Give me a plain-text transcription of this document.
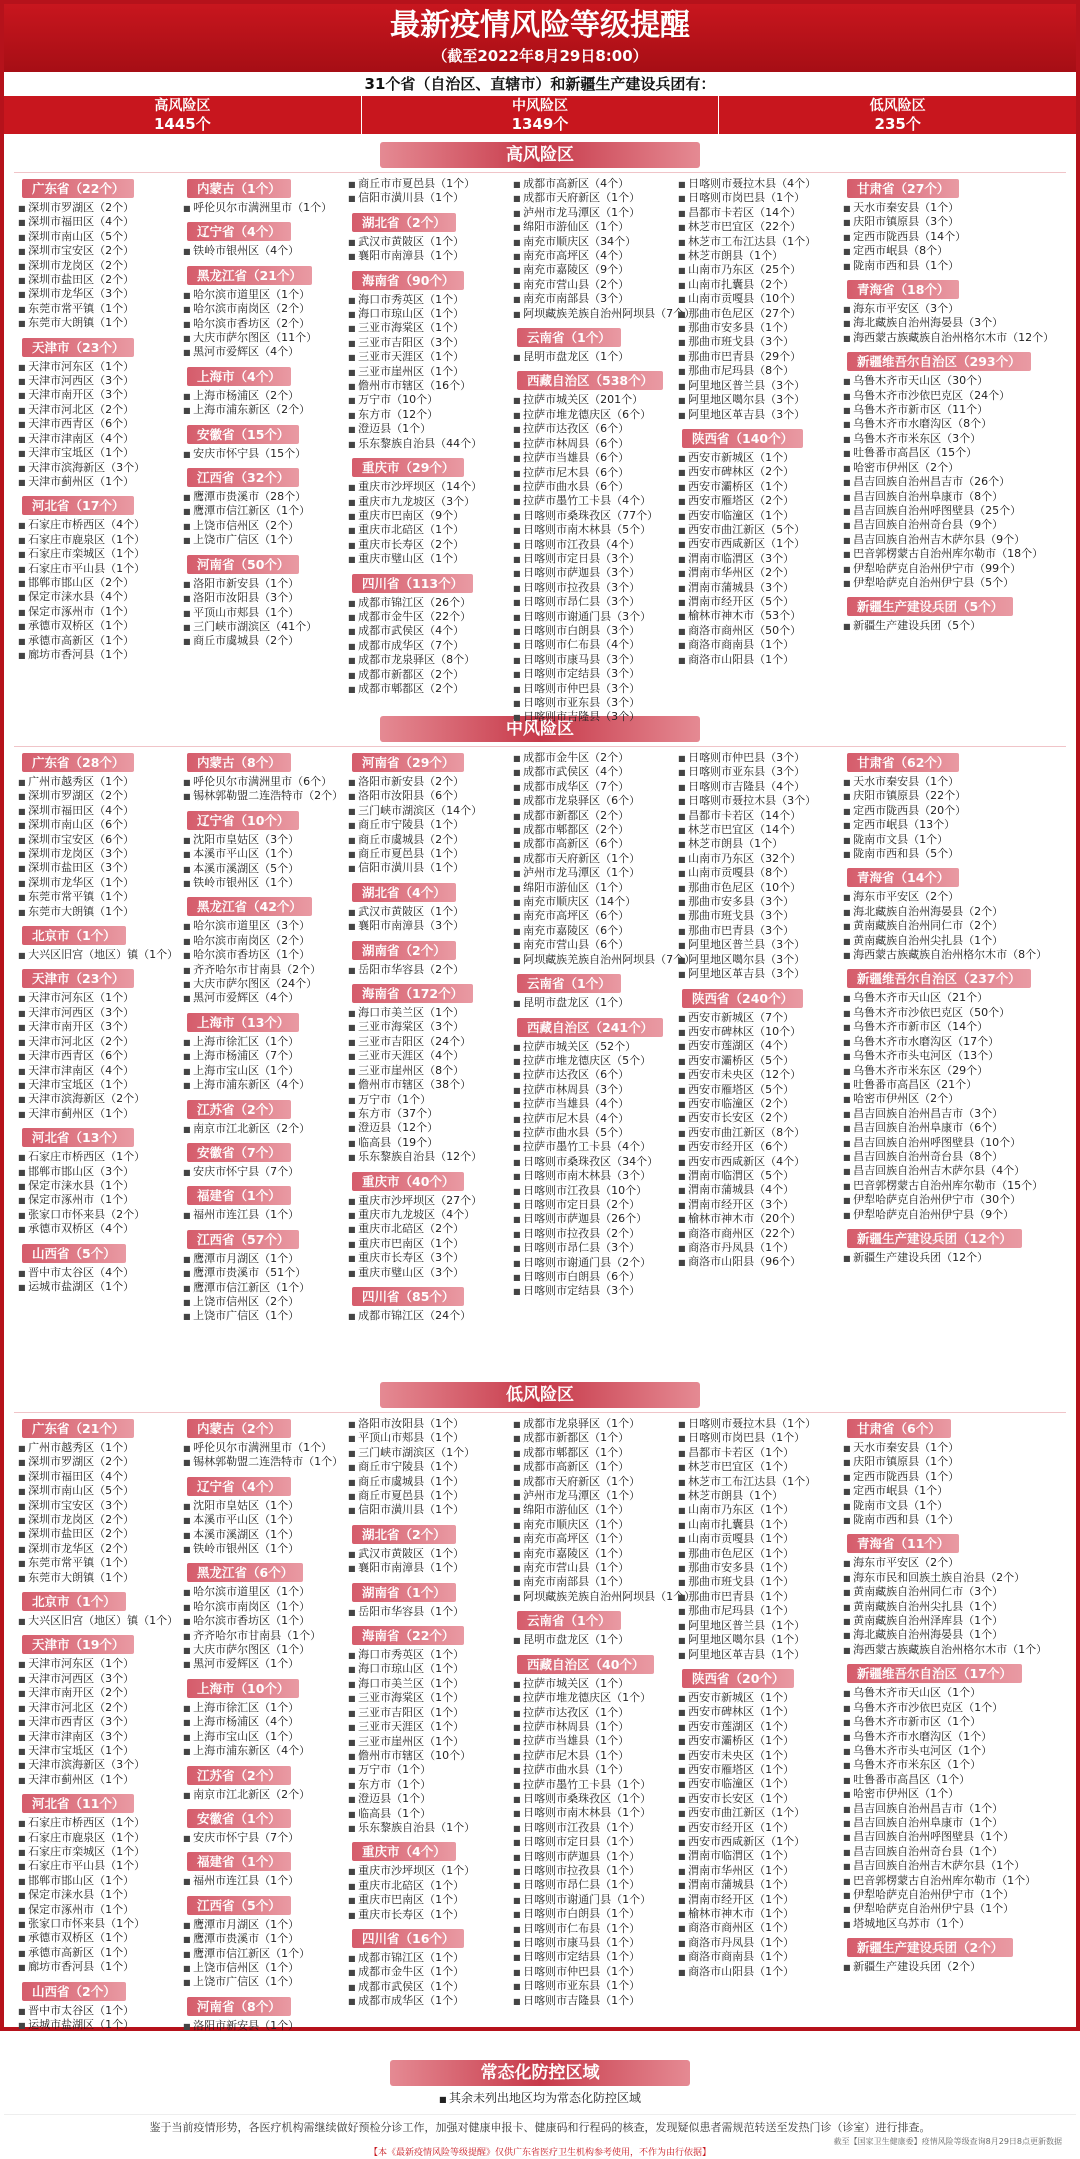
最新疫情风险等级提醒
（截至2022年8月29日8:00）
31个省（自治区、直辖市）和新疆生产建设兵团有：
高风险区
1445个
中风险区
1349个
低风险区
235个
高风险区
广东省（22个）
■ 深圳市罗湖区（2个）
■ 深圳市福田区（4个）
■ 深圳市南山区（5个）
■ 深圳市宝安区（2个）
■ 深圳市龙岗区（2个）
■ 深圳市盐田区（2个）
■ 深圳市龙华区（3个）
■ 东莞市常平镇（1个）
■ 东莞市大朗镇（1个）
天津市（23个）
■ 天津市河东区（1个）
■ 天津市河西区（3个）
■ 天津市南开区（3个）
■ 天津市河北区（2个）
■ 天津市西青区（6个）
■ 天津市津南区（4个）
■ 天津市宝坻区（1个）
■ 天津市滨海新区（3个）
■ 天津市蓟州区（1个）
河北省（17个）
■ 石家庄市桥西区（4个）
■ 石家庄市鹿泉区（1个）
■ 石家庄市栾城区（1个）
■ 石家庄市平山县（1个）
■ 邯郸市邯山区（2个）
■ 保定市涞水县（4个）
■ 保定市涿州市（1个）
■ 承德市双桥区（1个）
■ 承德市高新区（1个）
■ 廊坊市香河县（1个）
内蒙古（1个）
■ 呼伦贝尔市满洲里市（1个）
辽宁省（4个）
■ 铁岭市银州区（4个）
黑龙江省（21个）
■ 哈尔滨市道里区（1个）
■ 哈尔滨市南岗区（2个）
■ 哈尔滨市香坊区（2个）
■ 大庆市萨尔图区（11个）
■ 黑河市爱辉区（4个）
上海市（4个）
■ 上海市杨浦区（2个）
■ 上海市浦东新区（2个）
安徽省（15个）
■ 安庆市怀宁县（15个）
江西省（32个）
■ 鹰潭市贵溪市（28个）
■ 鹰潭市信江新区（1个）
■ 上饶市信州区（2个）
■ 上饶市广信区（1个）
河南省（50个）
■ 洛阳市新安县（1个）
■ 洛阳市汝阳县（3个）
■ 平顶山市郏县（1个）
■ 三门峡市湖滨区（41个）
■ 商丘市虞城县（2个）
■ 商丘市市夏邑县（1个）
■ 信阳市潢川县（1个）
湖北省（2个）
■ 武汉市黄陂区（1个）
■ 襄阳市南漳县（1个）
海南省（90个）
■ 海口市秀英区（1个）
■ 海口市琼山区（1个）
■ 三亚市海棠区（1个）
■ 三亚市吉阳区（3个）
■ 三亚市天涯区（1个）
■ 三亚市崖州区（1个）
■ 儋州市市辖区（16个）
■ 万宁市（10个）
■ 东方市（12个）
■ 澄迈县（1个）
■ 乐东黎族自治县（44个）
重庆市（29个）
■ 重庆市沙坪坝区（14个）
■ 重庆市九龙坡区（3个）
■ 重庆市巴南区（9个）
■ 重庆市北碚区（1个）
■ 重庆市长寿区（2个）
■ 重庆市璧山区（1个）
四川省（113个）
■ 成都市锦江区（26个）
■ 成都市金牛区（22个）
■ 成都市武侯区（4个）
■ 成都市成华区（7个）
■ 成都市龙泉驿区（8个）
■ 成都市新都区（2个）
■ 成都市郫都区（2个）
■ 成都市高新区（4个）
■ 成都市天府新区（1个）
■ 泸州市龙马潭区（1个）
■ 绵阳市游仙区（1个）
■ 南充市顺庆区（34个）
■ 南充市高坪区（4个）
■ 南充市嘉陵区（9个）
■ 南充市营山县（2个）
■ 南充市南部县（3个）
■ 阿坝藏族羌族自治州阿坝县（7个）
云南省（1个）
■ 昆明市盘龙区（1个）
西藏自治区（538个）
■ 拉萨市城关区（201个）
■ 拉萨市堆龙德庆区（6个）
■ 拉萨市达孜区（6个）
■ 拉萨市林周县（6个）
■ 拉萨市当雄县（6个）
■ 拉萨市尼木县（6个）
■ 拉萨市曲水县（6个）
■ 拉萨市墨竹工卡县（4个）
■ 日喀则市桑珠孜区（77个）
■ 日喀则市南木林县（5个）
■ 日喀则市江孜县（4个）
■ 日喀则市定日县（3个）
■ 日喀则市萨迦县（3个）
■ 日喀则市拉孜县（3个）
■ 日喀则市昂仁县（3个）
■ 日喀则市谢通门县（3个）
■ 日喀则市白朗县（3个）
■ 日喀则市仁布县（4个）
■ 日喀则市康马县（3个）
■ 日喀则市定结县（3个）
■ 日喀则市仲巴县（3个）
■ 日喀则市亚东县（3个）
■ 日喀则市吉隆县（3个）
■ 日喀则市聂拉木县（4个）
■ 日喀则市岗巴县（1个）
■ 昌都市卡若区（14个）
■ 林芝市巴宜区（22个）
■ 林芝市工布江达县（1个）
■ 林芝市朗县（1个）
■ 山南市乃东区（25个）
■ 山南市扎囊县（2个）
■ 山南市贡嘎县（10个）
■ 那曲市色尼区（27个）
■ 那曲市安多县（1个）
■ 那曲市班戈县（3个）
■ 那曲市巴青县（29个）
■ 那曲市尼玛县（8个）
■ 阿里地区普兰县（3个）
■ 阿里地区噶尔县（3个）
■ 阿里地区革吉县（3个）
陕西省（140个）
■ 西安市新城区（1个）
■ 西安市碑林区（2个）
■ 西安市灞桥区（1个）
■ 西安市雁塔区（2个）
■ 西安市临潼区（1个）
■ 西安市曲江新区（5个）
■ 西安市西咸新区（1个）
■ 渭南市临渭区（3个）
■ 渭南市华州区（2个）
■ 渭南市蒲城县（3个）
■ 渭南市经开区（5个）
■ 榆林市神木市（53个）
■ 商洛市商州区（50个）
■ 商洛市商南县（1个）
■ 商洛市山阳县（1个）
甘肃省（27个）
■ 天水市秦安县（1个）
■ 庆阳市镇原县（3个）
■ 定西市陇西县（14个）
■ 定西市岷县（8个）
■ 陇南市西和县（1个）
青海省（18个）
■ 海东市平安区（3个）
■ 海北藏族自治州海晏县（3个）
■ 海西蒙古族藏族自治州格尔木市（12个）
新疆维吾尔自治区（293个）
■ 乌鲁木齐市天山区（30个）
■ 乌鲁木齐市沙依巴克区（24个）
■ 乌鲁木齐市新市区（11个）
■ 乌鲁木齐市水磨沟区（8个）
■ 乌鲁木齐市米东区（3个）
■ 吐鲁番市高昌区（15个）
■ 哈密市伊州区（2个）
■ 昌吉回族自治州昌吉市（26个）
■ 昌吉回族自治州阜康市（8个）
■ 昌吉回族自治州呼图壁县（25个）
■ 昌吉回族自治州奇台县（9个）
■ 昌吉回族自治州吉木萨尔县（9个）
■ 巴音郭楞蒙古自治州库尔勒市（18个）
■ 伊犁哈萨克自治州伊宁市（99个）
■ 伊犁哈萨克自治州伊宁县（5个）
新疆生产建设兵团（5个）
■ 新疆生产建设兵团（5个）
中风险区
广东省（28个）
■ 广州市越秀区（1个）
■ 深圳市罗湖区（2个）
■ 深圳市福田区（4个）
■ 深圳市南山区（6个）
■ 深圳市宝安区（6个）
■ 深圳市龙岗区（3个）
■ 深圳市盐田区（3个）
■ 深圳市龙华区（1个）
■ 东莞市常平镇（1个）
■ 东莞市大朗镇（1个）
北京市（1个）
■ 大兴区旧宫（地区）镇（1个）
天津市（23个）
■ 天津市河东区（1个）
■ 天津市河西区（3个）
■ 天津市南开区（3个）
■ 天津市河北区（2个）
■ 天津市西青区（6个）
■ 天津市津南区（4个）
■ 天津市宝坻区（1个）
■ 天津市滨海新区（2个）
■ 天津市蓟州区（1个）
河北省（13个）
■ 石家庄市桥西区（1个）
■ 邯郸市邯山区（3个）
■ 保定市涞水县（1个）
■ 保定市涿州市（1个）
■ 张家口市怀来县（2个）
■ 承德市双桥区（4个）
山西省（5个）
■ 晋中市太谷区（4个）
■ 运城市盐湖区（1个）
内蒙古（8个）
■ 呼伦贝尔市满洲里市（6个）
■ 锡林郭勒盟二连浩特市（2个）
辽宁省（10个）
■ 沈阳市皇姑区（3个）
■ 本溪市平山区（1个）
■ 本溪市溪湖区（5个）
■ 铁岭市银州区（1个）
黑龙江省（42个）
■ 哈尔滨市道里区（3个）
■ 哈尔滨市南岗区（2个）
■ 哈尔滨市香坊区（1个）
■ 齐齐哈尔市甘南县（2个）
■ 大庆市萨尔图区（24个）
■ 黑河市爱辉区（4个）
上海市（13个）
■ 上海市徐汇区（1个）
■ 上海市杨浦区（7个）
■ 上海市宝山区（1个）
■ 上海市浦东新区（4个）
江苏省（2个）
■ 南京市江北新区（2个）
安徽省（7个）
■ 安庆市怀宁县（7个）
福建省（1个）
■ 福州市连江县（1个）
江西省（57个）
■ 鹰潭市月湖区（1个）
■ 鹰潭市贵溪市（51个）
■ 鹰潭市信江新区（1个）
■ 上饶市信州区（2个）
■ 上饶市广信区（1个）
河南省（29个）
■ 洛阳市新安县（2个）
■ 洛阳市汝阳县（6个）
■ 三门峡市湖滨区（14个）
■ 商丘市宁陵县（1个）
■ 商丘市虞城县（2个）
■ 商丘市夏邑县（1个）
■ 信阳市潢川县（1个）
湖北省（4个）
■ 武汉市黄陂区（1个）
■ 襄阳市南漳县（3个）
湖南省（2个）
■ 岳阳市华容县（2个）
海南省（172个）
■ 海口市美兰区（1个）
■ 三亚市海棠区（3个）
■ 三亚市吉阳区（24个）
■ 三亚市天涯区（4个）
■ 三亚市崖州区（8个）
■ 儋州市市辖区（38个）
■ 万宁市（1个）
■ 东方市（37个）
■ 澄迈县（12个）
■ 临高县（19个）
■ 乐东黎族自治县（12个）
重庆市（40个）
■ 重庆市沙坪坝区（27个）
■ 重庆市九龙坡区（4个）
■ 重庆市北碚区（2个）
■ 重庆市巴南区（1个）
■ 重庆市长寿区（3个）
■ 重庆市璧山区（3个）
四川省（85个）
■ 成都市锦江区（24个）
■ 成都市金牛区（2个）
■ 成都市武侯区（4个）
■ 成都市成华区（7个）
■ 成都市龙泉驿区（6个）
■ 成都市新都区（2个）
■ 成都市郫都区（2个）
■ 成都市高新区（6个）
■ 成都市天府新区（1个）
■ 泸州市龙马潭区（1个）
■ 绵阳市游仙区（1个）
■ 南充市顺庆区（14个）
■ 南充市高坪区（6个）
■ 南充市嘉陵区（6个）
■ 南充市营山县（6个）
■ 阿坝藏族羌族自治州阿坝县（7个）
云南省（1个）
■ 昆明市盘龙区（1个）
西藏自治区（241个）
■ 拉萨市城关区（52个）
■ 拉萨市堆龙德庆区（5个）
■ 拉萨市达孜区（6个）
■ 拉萨市林周县（3个）
■ 拉萨市当雄县（4个）
■ 拉萨市尼木县（4个）
■ 拉萨市曲水县（5个）
■ 拉萨市墨竹工卡县（4个）
■ 日喀则市桑珠孜区（34个）
■ 日喀则市南木林县（3个）
■ 日喀则市江孜县（10个）
■ 日喀则市定日县（2个）
■ 日喀则市萨迦县（26个）
■ 日喀则市拉孜县（2个）
■ 日喀则市昂仁县（3个）
■ 日喀则市谢通门县（2个）
■ 日喀则市白朗县（6个）
■ 日喀则市定结县（3个）
■ 日喀则市仲巴县（3个）
■ 日喀则市亚东县（3个）
■ 日喀则市吉隆县（4个）
■ 日喀则市聂拉木县（3个）
■ 昌都市卡若区（14个）
■ 林芝市巴宜区（14个）
■ 林芝市朗县（1个）
■ 山南市乃东区（32个）
■ 山南市贡嘎县（8个）
■ 那曲市色尼区（10个）
■ 那曲市安多县（3个）
■ 那曲市班戈县（3个）
■ 那曲市巴青县（3个）
■ 阿里地区普兰县（3个）
■ 阿里地区噶尔县（3个）
■ 阿里地区革吉县（3个）
陕西省（240个）
■ 西安市新城区（7个）
■ 西安市碑林区（10个）
■ 西安市莲湖区（4个）
■ 西安市灞桥区（5个）
■ 西安市未央区（12个）
■ 西安市雁塔区（5个）
■ 西安市临潼区（2个）
■ 西安市长安区（2个）
■ 西安市曲江新区（8个）
■ 西安市经开区（6个）
■ 西安市西咸新区（4个）
■ 渭南市临渭区（5个）
■ 渭南市蒲城县（4个）
■ 渭南市经开区（3个）
■ 榆林市神木市（20个）
■ 商洛市商州区（22个）
■ 商洛市丹凤县（1个）
■ 商洛市山阳县（96个）
甘肃省（62个）
■ 天水市秦安县（1个）
■ 庆阳市镇原县（22个）
■ 定西市陇西县（20个）
■ 定西市岷县（13个）
■ 陇南市文县（1个）
■ 陇南市西和县（5个）
青海省（14个）
■ 海东市平安区（2个）
■ 海北藏族自治州海晏县（2个）
■ 黄南藏族自治州同仁市（2个）
■ 黄南藏族自治州尖扎县（1个）
■ 海西蒙古族藏族自治州格尔木市（8个）
新疆维吾尔自治区（237个）
■ 乌鲁木齐市天山区（21个）
■ 乌鲁木齐市沙依巴克区（50个）
■ 乌鲁木齐市新市区（14个）
■ 乌鲁木齐市水磨沟区（17个）
■ 乌鲁木齐市头屯河区（13个）
■ 乌鲁木齐市米东区（29个）
■ 吐鲁番市高昌区（21个）
■ 哈密市伊州区（2个）
■ 昌吉回族自治州昌吉市（3个）
■ 昌吉回族自治州阜康市（6个）
■ 昌吉回族自治州呼图壁县（10个）
■ 昌吉回族自治州奇台县（8个）
■ 昌吉回族自治州吉木萨尔县（4个）
■ 巴音郭楞蒙古自治州库尔勒市（15个）
■ 伊犁哈萨克自治州伊宁市（30个）
■ 伊犁哈萨克自治州伊宁县（9个）
新疆生产建设兵团（12个）
■ 新疆生产建设兵团（12个）
低风险区
广东省（21个）
■ 广州市越秀区（1个）
■ 深圳市罗湖区（2个）
■ 深圳市福田区（4个）
■ 深圳市南山区（5个）
■ 深圳市宝安区（3个）
■ 深圳市龙岗区（2个）
■ 深圳市盐田区（2个）
■ 深圳市龙华区（2个）
■ 东莞市常平镇（1个）
■ 东莞市大朗镇（1个）
北京市（1个）
■ 大兴区旧宫（地区）镇（1个）
天津市（19个）
■ 天津市河东区（1个）
■ 天津市河西区（3个）
■ 天津市南开区（2个）
■ 天津市河北区（2个）
■ 天津市西青区（3个）
■ 天津市津南区（3个）
■ 天津市宝坻区（1个）
■ 天津市滨海新区（3个）
■ 天津市蓟州区（1个）
河北省（11个）
■ 石家庄市桥西区（1个）
■ 石家庄市鹿泉区（1个）
■ 石家庄市栾城区（1个）
■ 石家庄市平山县（1个）
■ 邯郸市邯山区（1个）
■ 保定市涞水县（1个）
■ 保定市涿州市（1个）
■ 张家口市怀来县（1个）
■ 承德市双桥区（1个）
■ 承德市高新区（1个）
■ 廊坊市香河县（1个）
山西省（2个）
■ 晋中市太谷区（1个）
■ 运城市盐湖区（1个）
内蒙古（2个）
■ 呼伦贝尔市满洲里市（1个）
■ 锡林郭勒盟二连浩特市（1个）
辽宁省（4个）
■ 沈阳市皇姑区（1个）
■ 本溪市平山区（1个）
■ 本溪市溪湖区（1个）
■ 铁岭市银州区（1个）
黑龙江省（6个）
■ 哈尔滨市道里区（1个）
■ 哈尔滨市南岗区（1个）
■ 哈尔滨市香坊区（1个）
■ 齐齐哈尔市甘南县（1个）
■ 大庆市萨尔图区（1个）
■ 黑河市爱辉区（1个）
上海市（10个）
■ 上海市徐汇区（1个）
■ 上海市杨浦区（4个）
■ 上海市宝山区（1个）
■ 上海市浦东新区（4个）
江苏省（2个）
■ 南京市江北新区（2个）
安徽省（1个）
■ 安庆市怀宁县（7个）
福建省（1个）
■ 福州市连江县（1个）
江西省（5个）
■ 鹰潭市月湖区（1个）
■ 鹰潭市贵溪市（1个）
■ 鹰潭市信江新区（1个）
■ 上饶市信州区（1个）
■ 上饶市广信区（1个）
河南省（8个）
■ 洛阳市新安县（1个）
■ 洛阳市汝阳县（1个）
■ 平顶山市郏县（1个）
■ 三门峡市湖滨区（1个）
■ 商丘市宁陵县（1个）
■ 商丘市虞城县（1个）
■ 商丘市夏邑县（1个）
■ 信阳市潢川县（1个）
湖北省（2个）
■ 武汉市黄陂区（1个）
■ 襄阳市南漳县（1个）
湖南省（1个）
■ 岳阳市华容县（1个）
海南省（22个）
■ 海口市秀英区（1个）
■ 海口市琼山区（1个）
■ 海口市美兰区（1个）
■ 三亚市海棠区（1个）
■ 三亚市吉阳区（1个）
■ 三亚市天涯区（1个）
■ 三亚市崖州区（1个）
■ 儋州市市辖区（10个）
■ 万宁市（1个）
■ 东方市（1个）
■ 澄迈县（1个）
■ 临高县（1个）
■ 乐东黎族自治县（1个）
重庆市（4个）
■ 重庆市沙坪坝区（1个）
■ 重庆市北碚区（1个）
■ 重庆市巴南区（1个）
■ 重庆市长寿区（1个）
四川省（16个）
■ 成都市锦江区（1个）
■ 成都市金牛区（1个）
■ 成都市武侯区（1个）
■ 成都市成华区（1个）
■ 成都市龙泉驿区（1个）
■ 成都市新都区（1个）
■ 成都市郫都区（1个）
■ 成都市高新区（1个）
■ 成都市天府新区（1个）
■ 泸州市龙马潭区（1个）
■ 绵阳市游仙区（1个）
■ 南充市顺庆区（1个）
■ 南充市高坪区（1个）
■ 南充市嘉陵区（1个）
■ 南充市营山县（1个）
■ 南充市南部县（1个）
■ 阿坝藏族羌族自治州阿坝县（1个）
云南省（1个）
■ 昆明市盘龙区（1个）
西藏自治区（40个）
■ 拉萨市城关区（1个）
■ 拉萨市堆龙德庆区（1个）
■ 拉萨市达孜区（1个）
■ 拉萨市林周县（1个）
■ 拉萨市当雄县（1个）
■ 拉萨市尼木县（1个）
■ 拉萨市曲水县（1个）
■ 拉萨市墨竹工卡县（1个）
■ 日喀则市桑珠孜区（1个）
■ 日喀则市南木林县（1个）
■ 日喀则市江孜县（1个）
■ 日喀则市定日县（1个）
■ 日喀则市萨迦县（1个）
■ 日喀则市拉孜县（1个）
■ 日喀则市昂仁县（1个）
■ 日喀则市谢通门县（1个）
■ 日喀则市白朗县（1个）
■ 日喀则市仁布县（1个）
■ 日喀则市康马县（1个）
■ 日喀则市定结县（1个）
■ 日喀则市仲巴县（1个）
■ 日喀则市亚东县（1个）
■ 日喀则市吉隆县（1个）
■ 日喀则市聂拉木县（1个）
■ 日喀则市岗巴县（1个）
■ 昌都市卡若区（1个）
■ 林芝市巴宜区（1个）
■ 林芝市工布江达县（1个）
■ 林芝市朗县（1个）
■ 山南市乃东区（1个）
■ 山南市扎囊县（1个）
■ 山南市贡嘎县（1个）
■ 那曲市色尼区（1个）
■ 那曲市安多县（1个）
■ 那曲市班戈县（1个）
■ 那曲市巴青县（1个）
■ 那曲市尼玛县（1个）
■ 阿里地区普兰县（1个）
■ 阿里地区噶尔县（1个）
■ 阿里地区革吉县（1个）
陕西省（20个）
■ 西安市新城区（1个）
■ 西安市碑林区（1个）
■ 西安市莲湖区（1个）
■ 西安市灞桥区（1个）
■ 西安市未央区（1个）
■ 西安市雁塔区（1个）
■ 西安市临潼区（1个）
■ 西安市长安区（1个）
■ 西安市曲江新区（1个）
■ 西安市经开区（1个）
■ 西安市西咸新区（1个）
■ 渭南市临渭区（1个）
■ 渭南市华州区（1个）
■ 渭南市蒲城县（1个）
■ 渭南市经开区（1个）
■ 榆林市神木市（1个）
■ 商洛市商州区（1个）
■ 商洛市丹凤县（1个）
■ 商洛市商南县（1个）
■ 商洛市山阳县（1个）
甘肃省（6个）
■ 天水市秦安县（1个）
■ 庆阳市镇原县（1个）
■ 定西市陇西县（1个）
■ 定西市岷县（1个）
■ 陇南市文县（1个）
■ 陇南市西和县（1个）
青海省（11个）
■ 海东市平安区（2个）
■ 海东市民和回族土族自治县（2个）
■ 黄南藏族自治州同仁市（3个）
■ 黄南藏族自治州尖扎县（1个）
■ 黄南藏族自治州泽库县（1个）
■ 海北藏族自治州海晏县（1个）
■ 海西蒙古族藏族自治州格尔木市（1个）
新疆维吾尔自治区（17个）
■ 乌鲁木齐市天山区（1个）
■ 乌鲁木齐市沙依巴克区（1个）
■ 乌鲁木齐市新市区（1个）
■ 乌鲁木齐市水磨沟区（1个）
■ 乌鲁木齐市头屯河区（1个）
■ 乌鲁木齐市米东区（1个）
■ 吐鲁番市高昌区（1个）
■ 哈密市伊州区（1个）
■ 昌吉回族自治州昌吉市（1个）
■ 昌吉回族自治州阜康市（1个）
■ 昌吉回族自治州呼图壁县（1个）
■ 昌吉回族自治州奇台县（1个）
■ 昌吉回族自治州吉木萨尔县（1个）
■ 巴音郭楞蒙古自治州库尔勒市（1个）
■ 伊犁哈萨克自治州伊宁市（1个）
■ 伊犁哈萨克自治州伊宁县（1个）
■ 塔城地区乌苏市（1个）
新疆生产建设兵团（2个）
■ 新疆生产建设兵团（2个）
常态化防控区域
■ 其余未列出地区均为常态化防控区域
鉴于当前疫情形势，各医疗机构需继续做好预检分诊工作，加强对健康申报卡、健康码和行程码的核查，发现疑似患者需规范转送至发热门诊（诊室）进行排查。
截至【国家卫生健康委】疫情风险等级查询8月29日8点更新数据
【本《最新疫情风险等级提醒》仅供广东省医疗卫生机构参考使用，不作为由行依据】
